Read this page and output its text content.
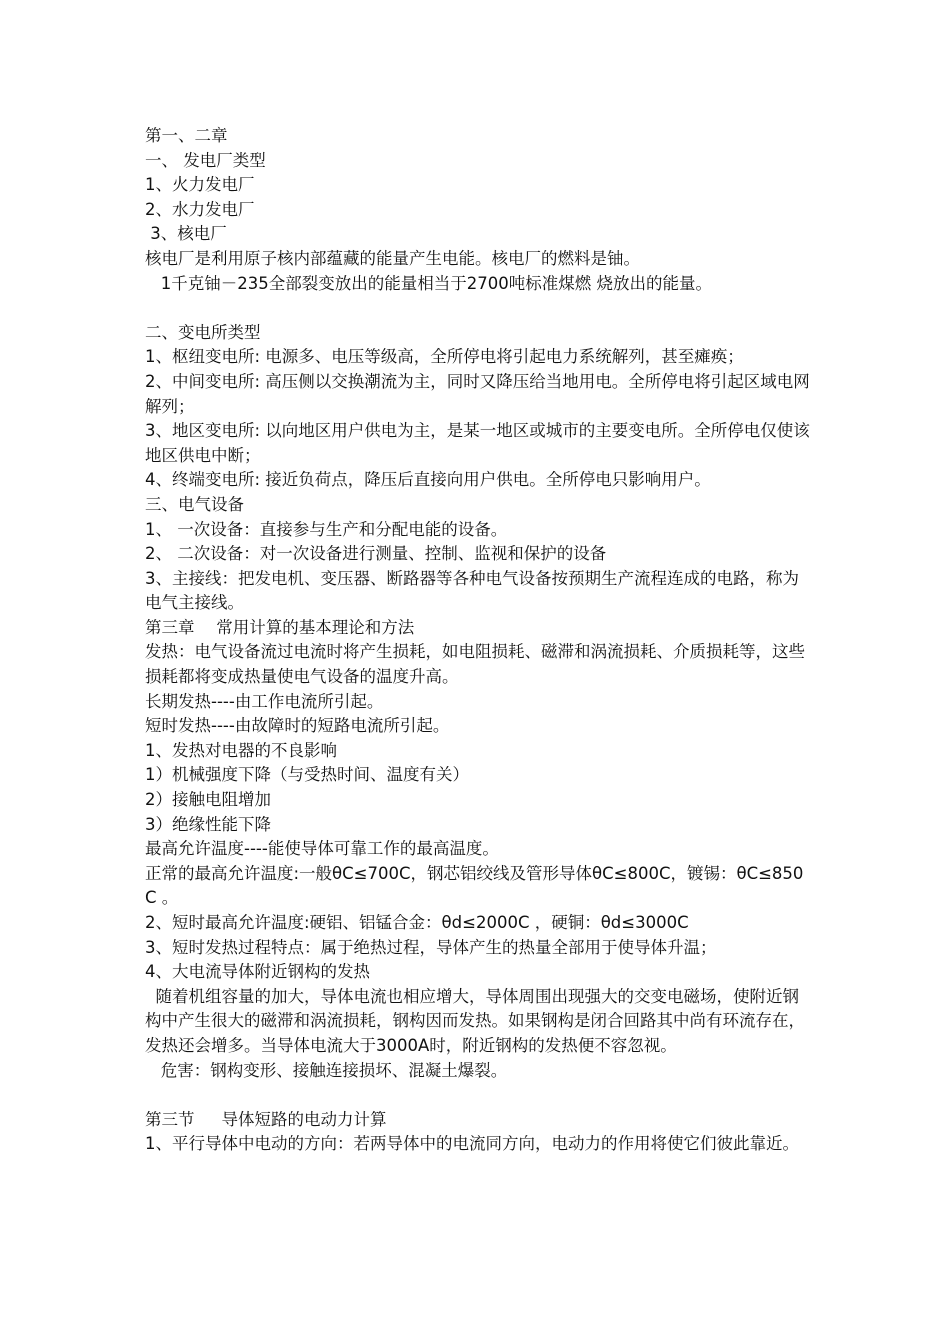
第一、二章

一、 发电厂类型

1、火力发电厂

2、水力发电厂

3、核电厂

核电厂是利用原子核内部蕴藏的能量产生电能。核电厂的燃料是铀。

1千克铀－235全部裂变放出的能量相当于2700吨标准煤燃 烧放出的能量。

二、变电所类型

1、枢纽变电所: 电源多、电压等级高，全所停电将引起电力系统解列，甚至瘫痪；

2、中间变电所: 高压侧以交换潮流为主，同时又降压给当地用电。全所停电将引起区域电网解列；

3、地区变电所: 以向地区用户供电为主，是某一地区或城市的主要变电所。全所停电仅使该地区供电中断；

4、终端变电所: 接近负荷点，降压后直接向用户供电。全所停电只影响用户。

三、电气设备

1、 一次设备：直接参与生产和分配电能的设备。

2、 二次设备：对一次设备进行测量、控制、监视和保护的设备

3、主接线：把发电机、变压器、断路器等各种电气设备按预期生产流程连成的电路，称为电气主接线。

第三章　 常用计算的基本理论和方法

发热：电气设备流过电流时将产生损耗，如电阻损耗、磁滞和涡流损耗、介质损耗等，这些损耗都将变成热量使电气设备的温度升高。

长期发热----由工作电流所引起。

短时发热----由故障时的短路电流所引起。

1、发热对电器的不良影响

1）机械强度下降（与受热时间、温度有关）

2）接触电阻增加

3）绝缘性能下降

最高允许温度----能使导体可靠工作的最高温度。

正常的最高允许温度:一般θC≤700C，钢芯铝绞线及管形导体θC≤800C，镀锡：θC≤850C 。

2、短时最高允许温度:硬铝、铝锰合金：θd≤2000C ，硬铜：θd≤3000C

3、短时发热过程特点：属于绝热过程，导体产生的热量全部用于使导体升温；

4、大电流导体附近钢构的发热

随着机组容量的加大，导体电流也相应增大，导体周围出现强大的交变电磁场，使附近钢构中产生很大的磁滞和涡流损耗，钢构因而发热。如果钢构是闭合回路其中尚有环流存在，发热还会增多。当导体电流大于3000A时，附近钢构的发热便不容忽视。

危害：钢构变形、接触连接损坏、混凝土爆裂。

第三节　  导体短路的电动力计算

1、平行导体中电动的方向：若两导体中的电流同方向，电动力的作用将使它们彼此靠近。
